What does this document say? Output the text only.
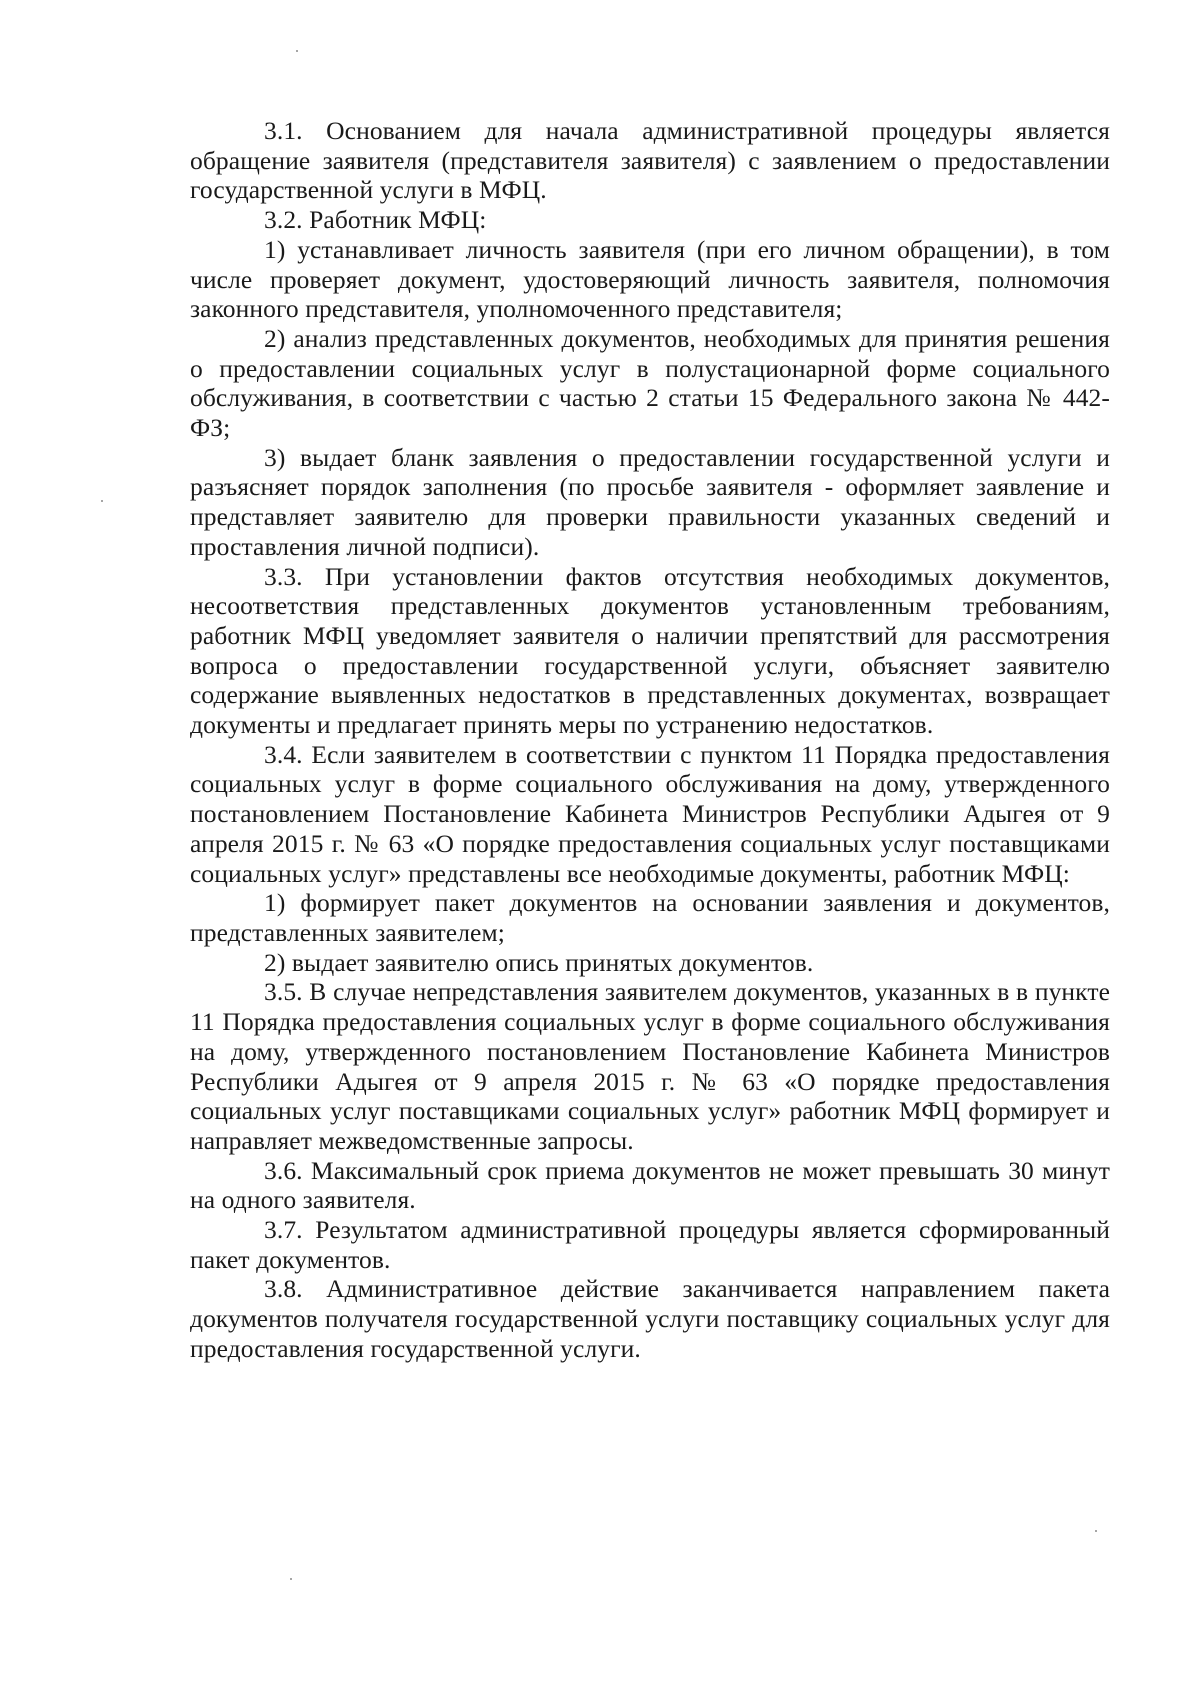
3.1. Основанием для начала административной процедуры является обращение заявителя (представителя заявителя) с заявлением о предоставлении государственной услуги в МФЦ.

3.2. Работник МФЦ:

1) устанавливает личность заявителя (при его личном обращении), в том числе проверяет документ, удостоверяющий личность заявителя, полномочия законного представителя, уполномоченного представителя;

2) анализ представленных документов, необходимых для принятия решения о предоставлении социальных услуг в полустационарной форме социального обслуживания, в соответствии с частью 2 статьи 15 Федерального закона № 442-ФЗ;

3) выдает бланк заявления о предоставлении государственной услуги и разъясняет порядок заполнения (по просьбе заявителя - оформляет заявление и представляет заявителю для проверки правильности указанных сведений и проставления личной подписи).

3.3. При установлении фактов отсутствия необходимых документов, несоответствия представленных документов установленным требованиям, работник МФЦ уведомляет заявителя о наличии препятствий для рассмотрения вопроса о предоставлении государственной услуги, объясняет заявителю содержание выявленных недостатков в представленных документах, возвращает документы и предлагает принять меры по устранению недостатков.

3.4. Если заявителем в соответствии с пунктом 11 Порядка предоставления социальных услуг в форме социального обслуживания на дому, утвержденного постановлением Постановление Кабинета Министров Республики Адыгея от 9 апреля 2015 г. № 63 «О порядке предоставления социальных услуг поставщиками социальных услуг» представлены все необходимые документы, работник МФЦ:

1) формирует пакет документов на основании заявления и документов, представленных заявителем;

2) выдает заявителю опись принятых документов.

3.5. В случае непредставления заявителем документов, указанных в в пункте 11 Порядка предоставления социальных услуг в форме социального обслуживания на дому, утвержденного постановлением Постановление Кабинета Министров Республики Адыгея от 9 апреля 2015 г. № 63 «О порядке предоставления социальных услуг поставщиками социальных услуг» работник МФЦ формирует и направляет межведомственные запросы.

3.6. Максимальный срок приема документов не может превышать 30 минут на одного заявителя.

3.7. Результатом административной процедуры является сформированный пакет документов.

3.8. Административное действие заканчивается направлением пакета документов получателя государственной услуги поставщику социальных услуг для предоставления государственной услуги.
